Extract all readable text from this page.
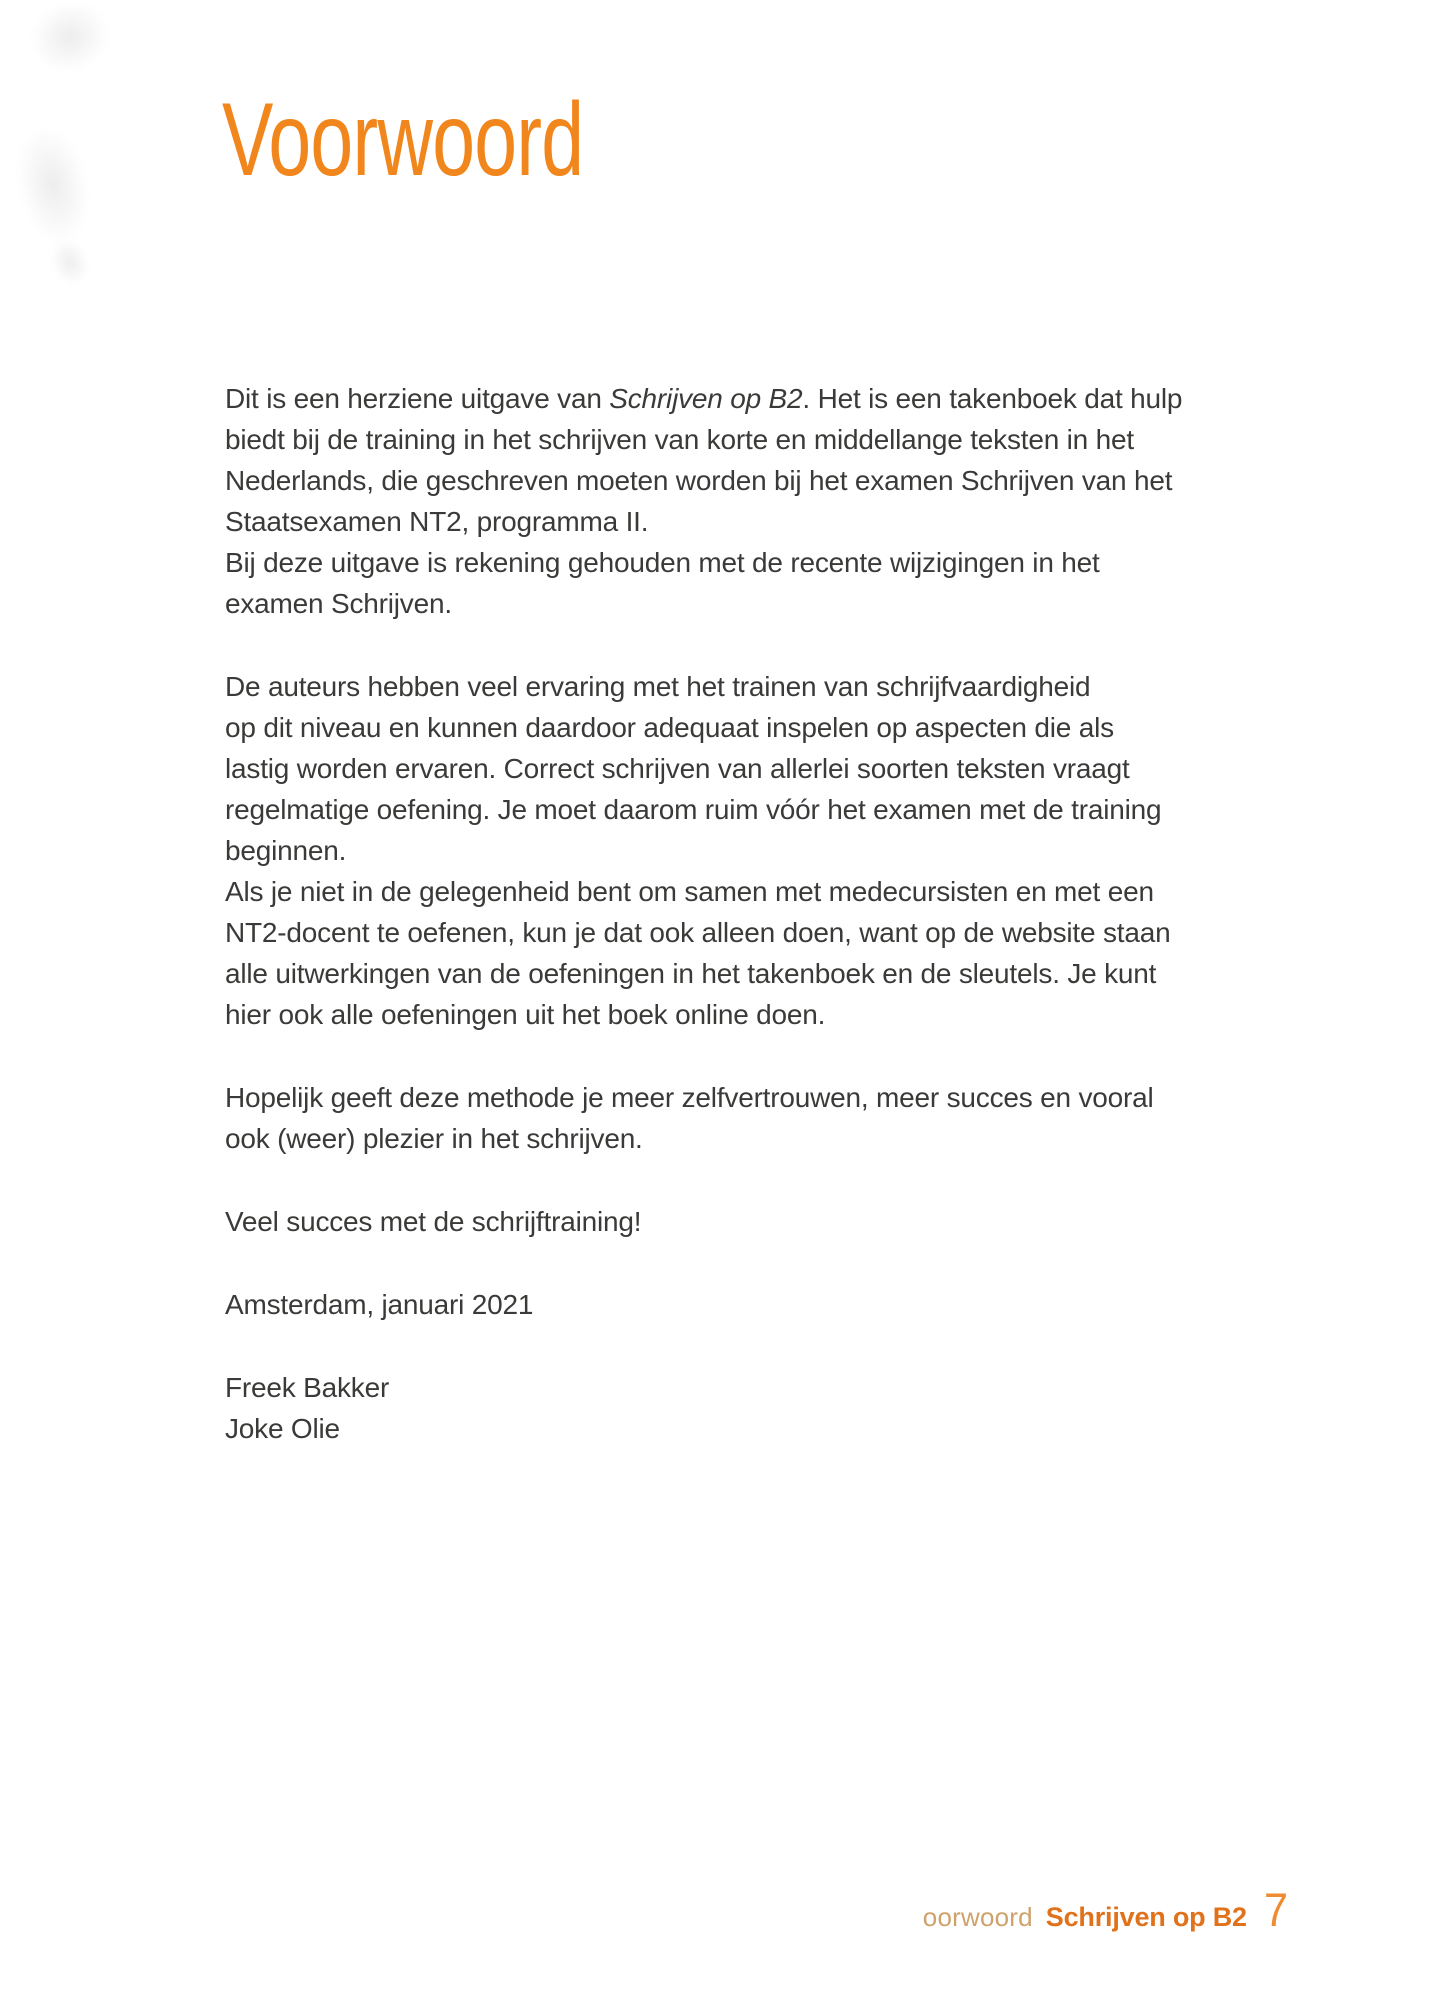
Voorwoord
Dit is een herziene uitgave van Schrijven op B2. Het is een takenboek dat hulp
biedt bij de training in het schrijven van korte en middellange teksten in het
Nederlands, die geschreven moeten worden bij het examen Schrijven van het
Staatsexamen NT2, programma II.
Bij deze uitgave is rekening gehouden met de recente wijzigingen in het
examen Schrijven.
De auteurs hebben veel ervaring met het trainen van schrijfvaardigheid
op dit niveau en kunnen daardoor adequaat inspelen op aspecten die als
lastig worden ervaren. Correct schrijven van allerlei soorten teksten vraagt
regelmatige oefening. Je moet daarom ruim vóór het examen met de training
beginnen.
Als je niet in de gelegenheid bent om samen met medecursisten en met een
NT2-docent te oefenen, kun je dat ook alleen doen, want op de website staan
alle uitwerkingen van de oefeningen in het takenboek en de sleutels. Je kunt
hier ook alle oefeningen uit het boek online doen.
Hopelijk geeft deze methode je meer zelfvertrouwen, meer succes en vooral
ook (weer) plezier in het schrijven.
Veel succes met de schrijftraining!
Amsterdam, januari 2021
Freek Bakker
Joke Olie
oorwoord Schrijven op B2 7
